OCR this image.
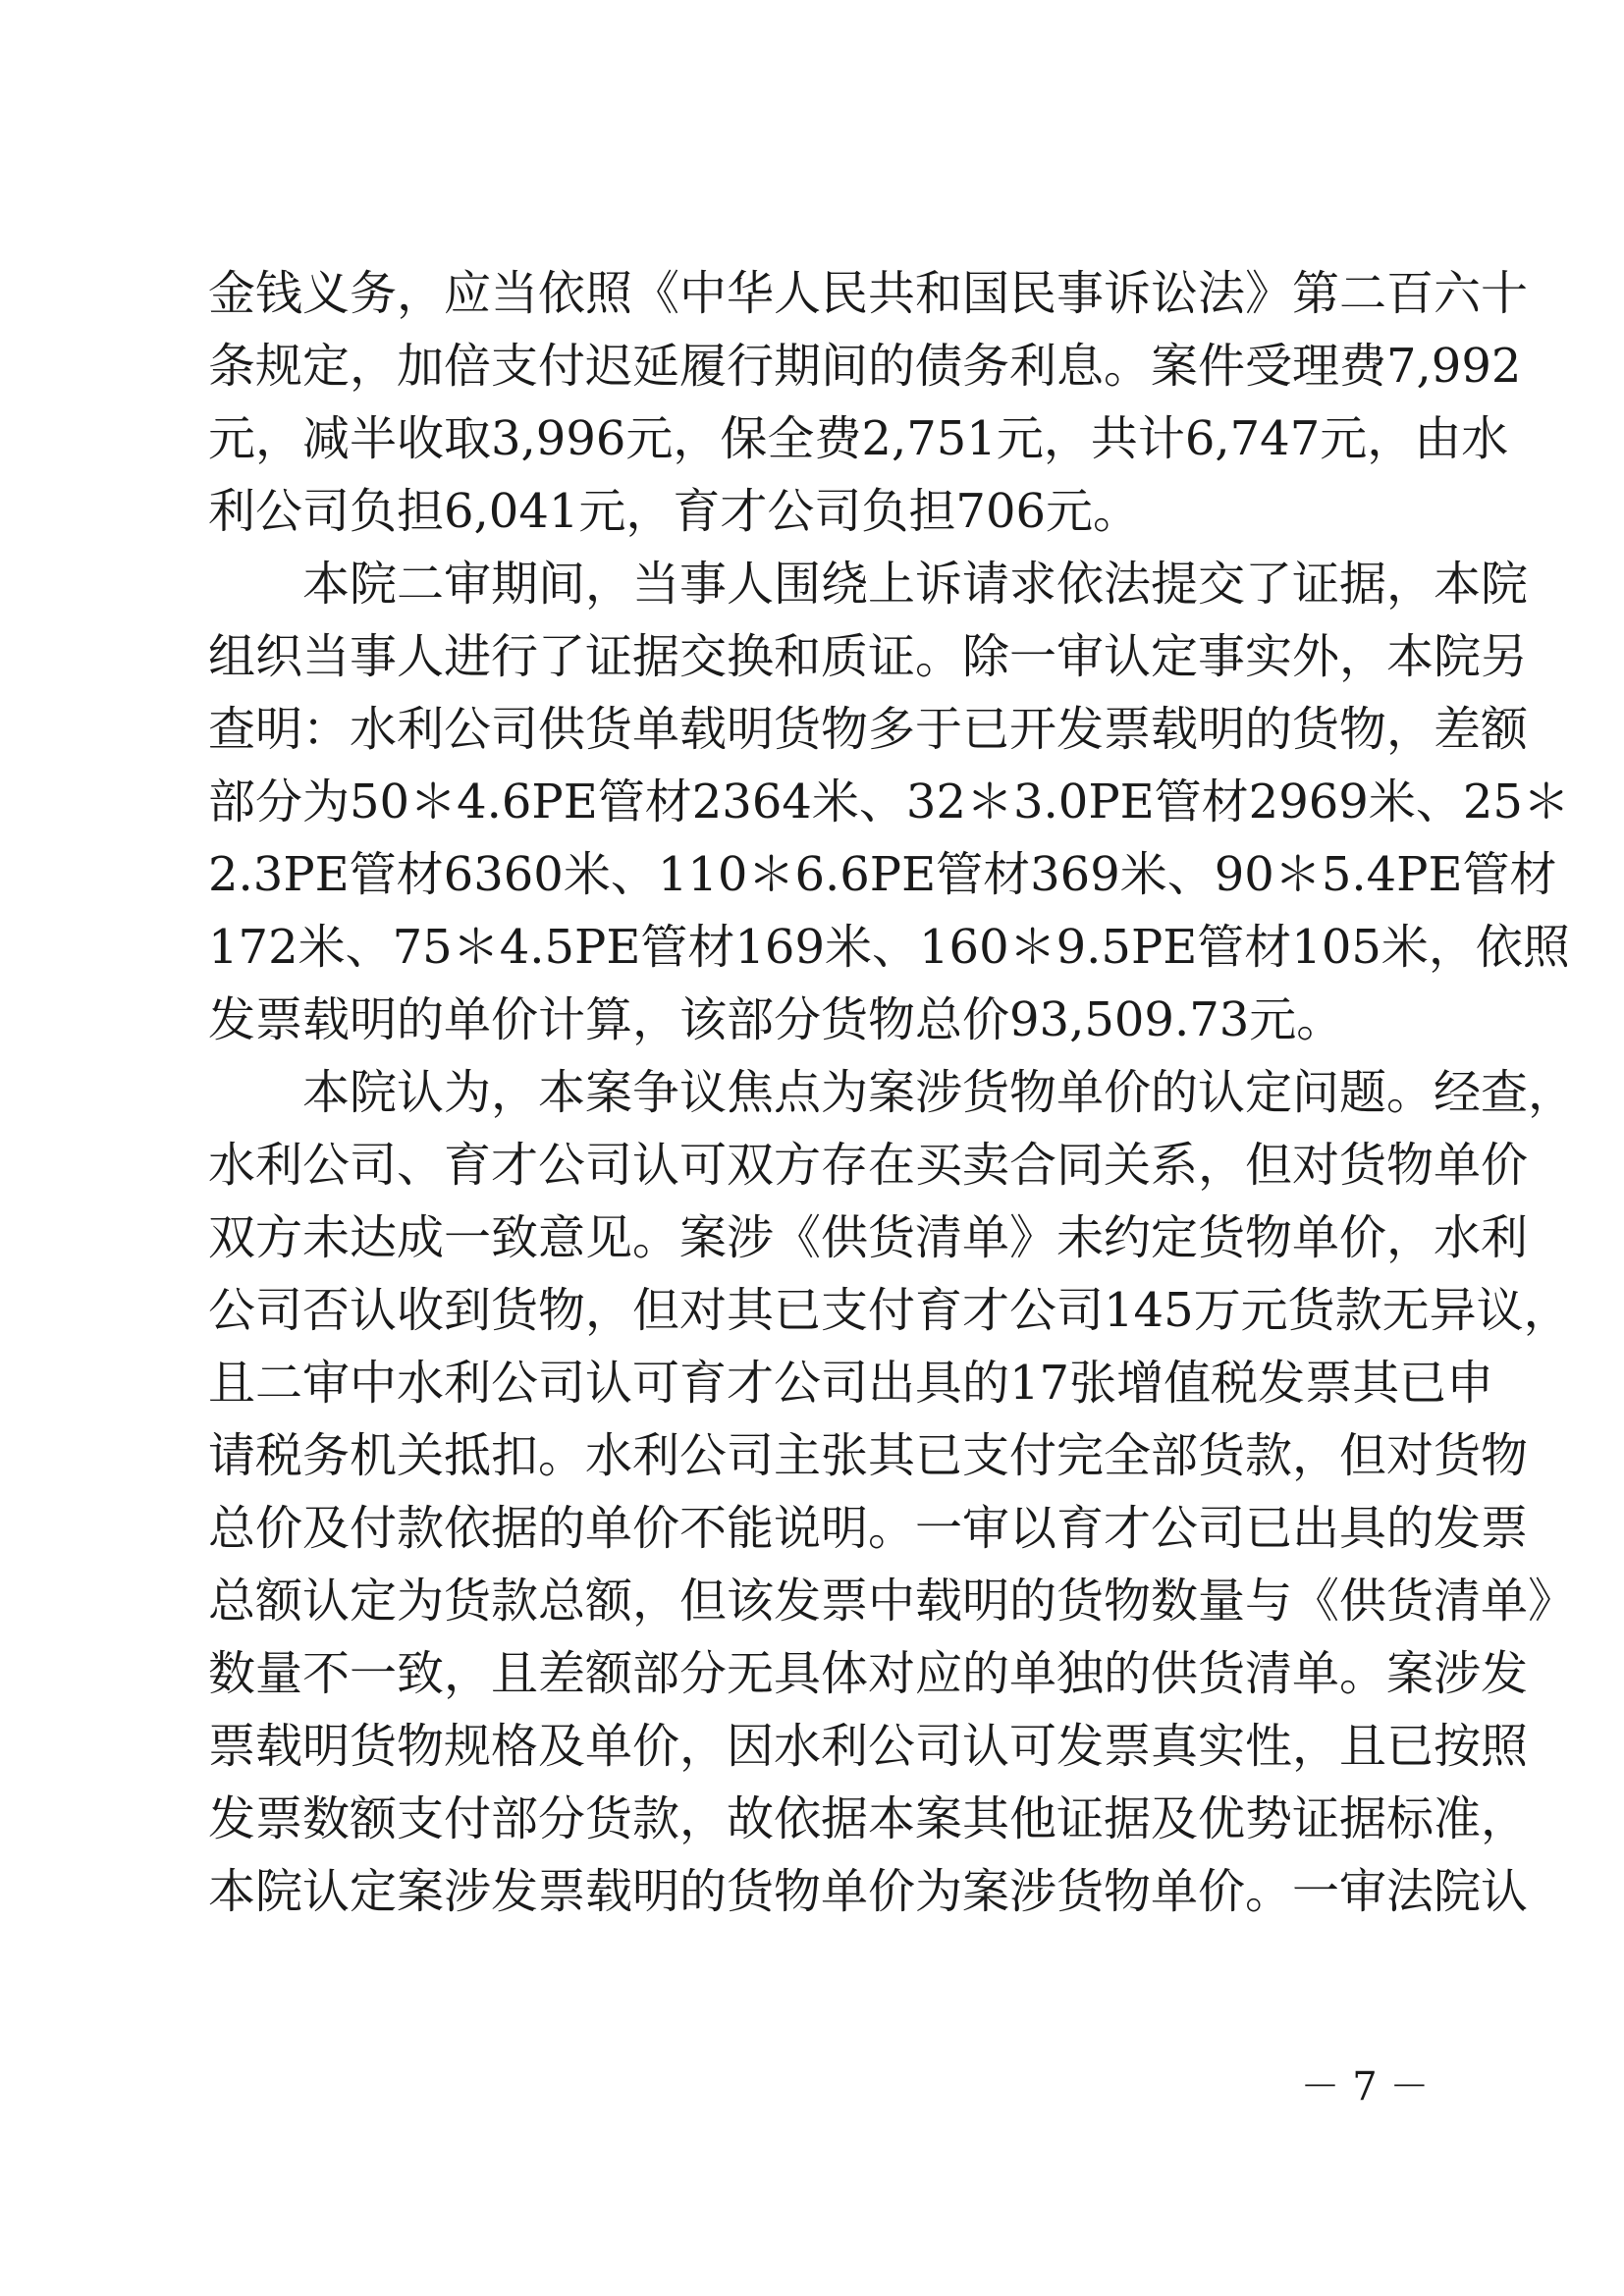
金钱义务，应当依照《中华人民共和国民事诉讼法》第二百六十
条规定，加倍支付迟延履行期间的债务利息。案件受理费7,992
元，减半收取3,996元，保全费2,751元，共计6,747元，由水
利公司负担6,041元，育才公司负担706元。
本院二审期间，当事人围绕上诉请求依法提交了证据，本院
组织当事人进行了证据交换和质证。除一审认定事实外，本院另
查明：水利公司供货单载明货物多于已开发票载明的货物，差额
部分为50＊4.6PE管材2364米、32＊3.0PE管材2969米、25＊
2.3PE管材6360米、110＊6.6PE管材369米、90＊5.4PE管材
172米、75＊4.5PE管材169米、160＊9.5PE管材105米，依照
发票载明的单价计算，该部分货物总价93,509.73元。
本院认为，本案争议焦点为案涉货物单价的认定问题。经查，
水利公司、育才公司认可双方存在买卖合同关系，但对货物单价
双方未达成一致意见。案涉《供货清单》未约定货物单价，水利
公司否认收到货物，但对其已支付育才公司145万元货款无异议，
且二审中水利公司认可育才公司出具的17张增值税发票其已申
请税务机关抵扣。水利公司主张其已支付完全部货款，但对货物
总价及付款依据的单价不能说明。一审以育才公司已出具的发票
总额认定为货款总额，但该发票中载明的货物数量与《供货清单》
数量不一致，且差额部分无具体对应的单独的供货清单。案涉发
票载明货物规格及单价，因水利公司认可发票真实性，且已按照
发票数额支付部分货款，故依据本案其他证据及优势证据标准，
本院认定案涉发票载明的货物单价为案涉货物单价。一审法院认
－ 7 －
